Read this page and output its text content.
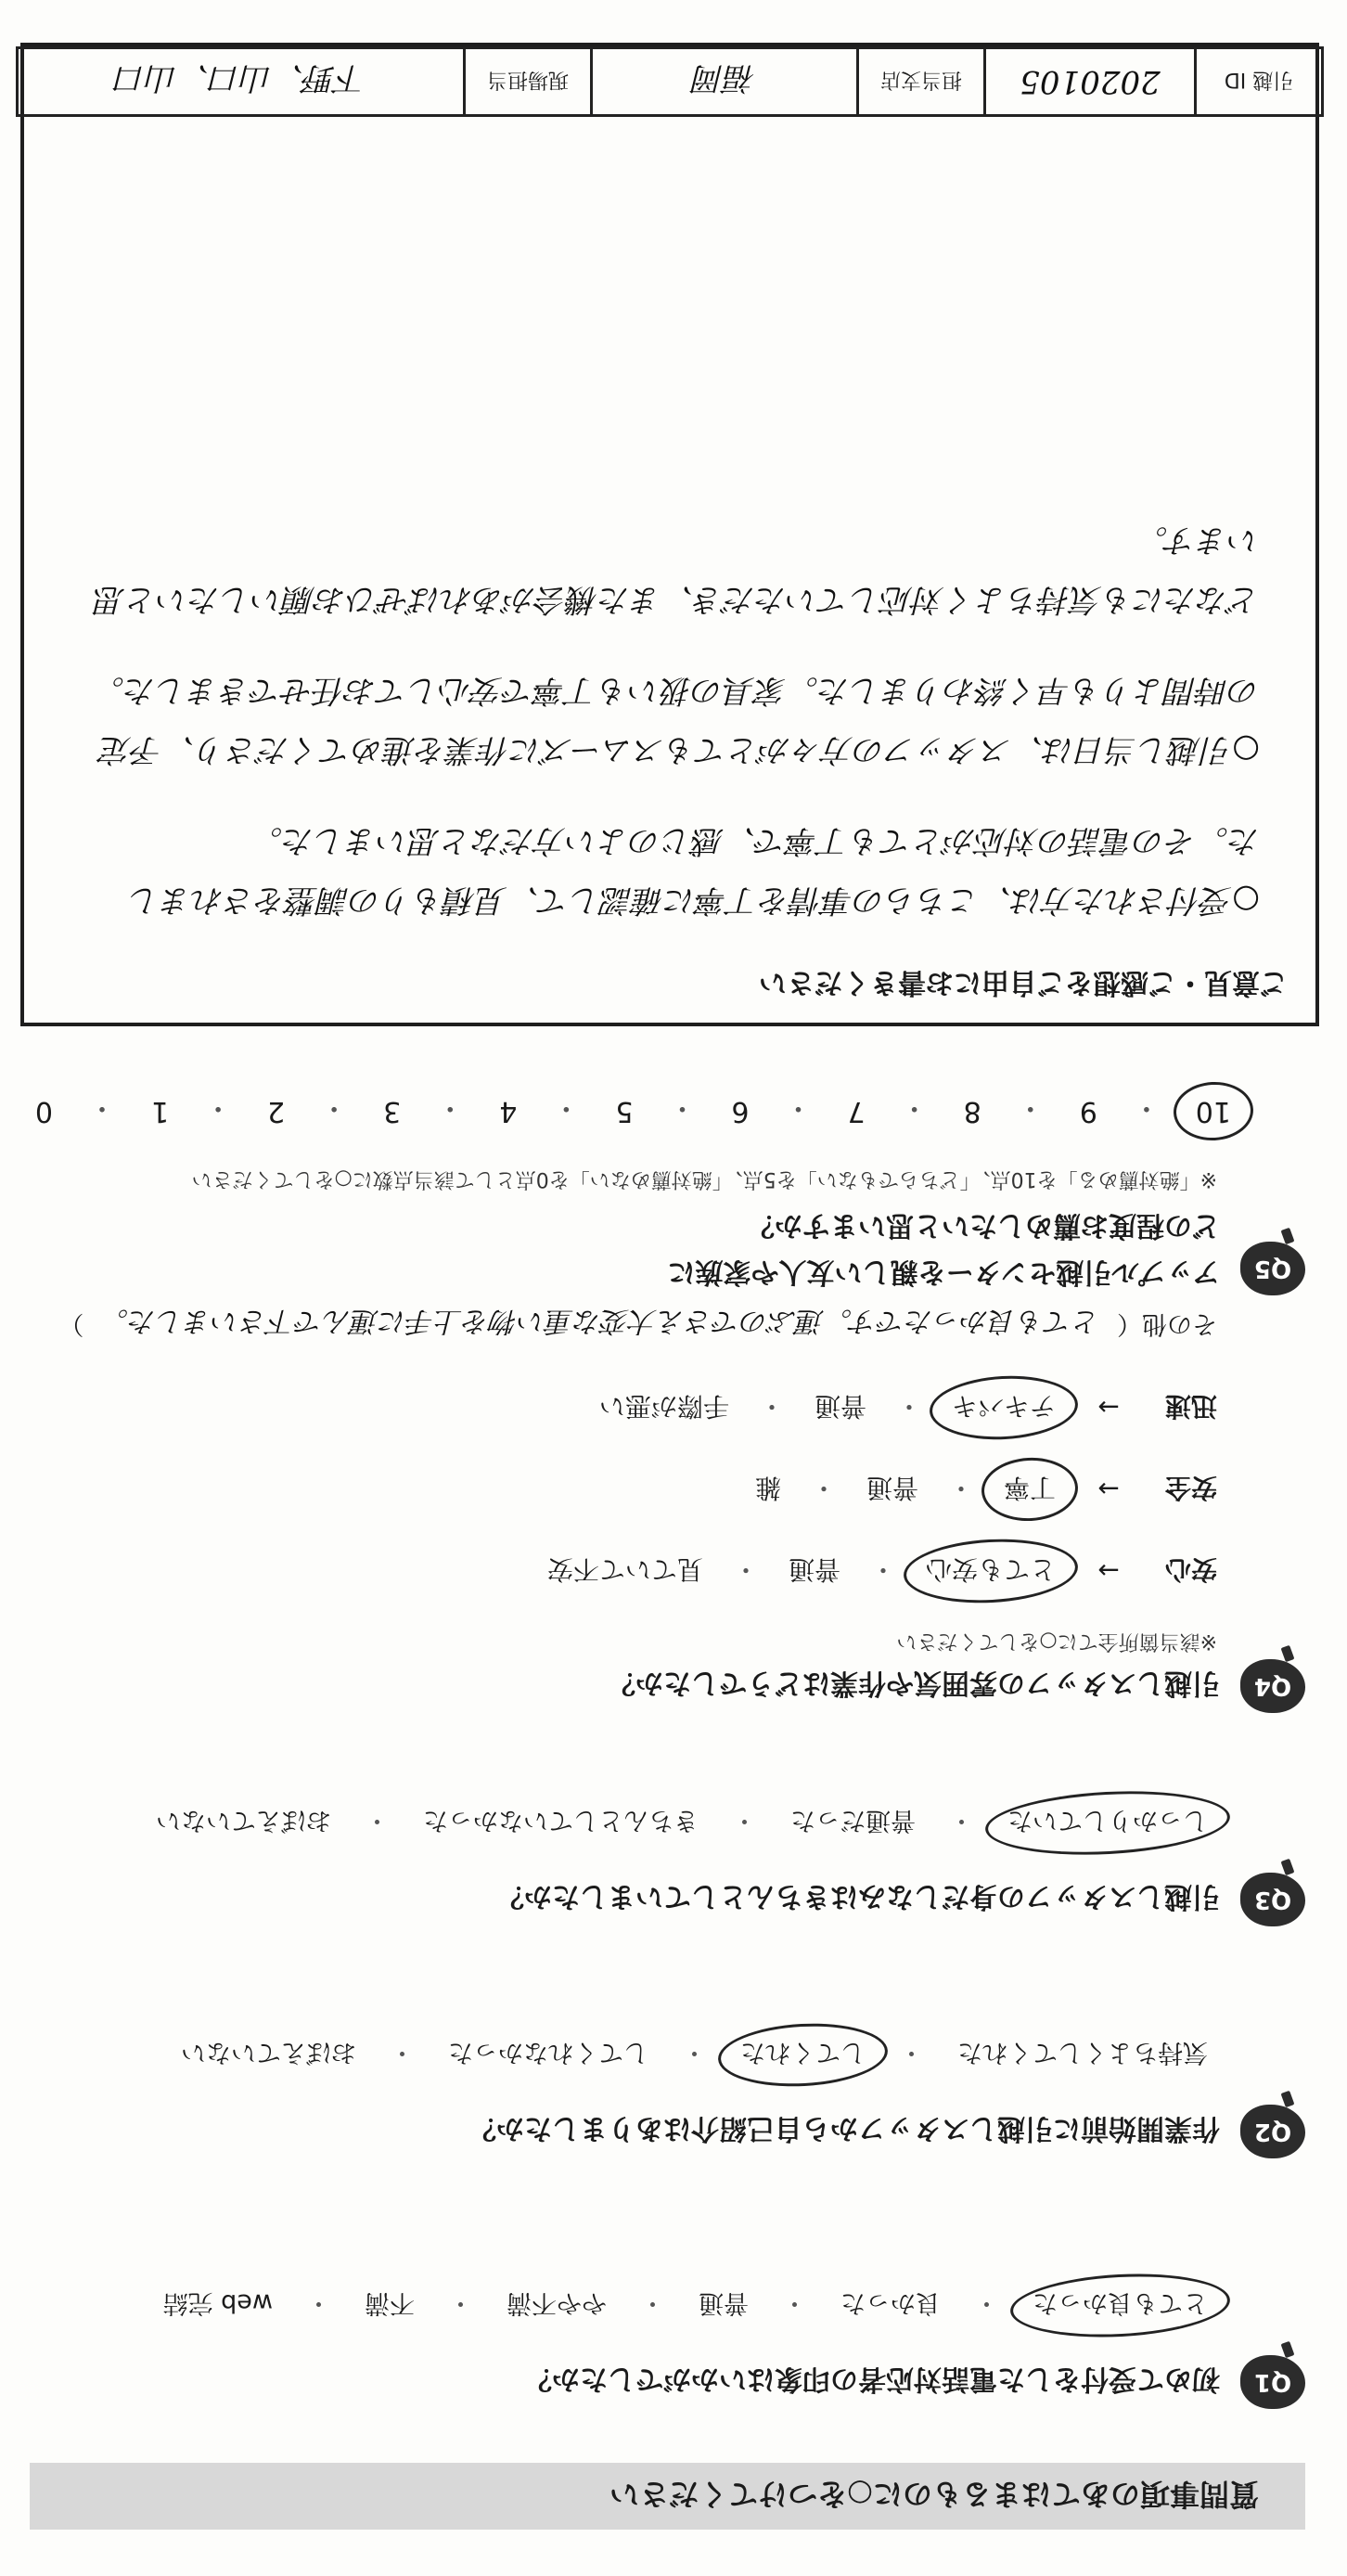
質問事項のあてはまるものに○をつけてください
Q1
初めて受付をした電話対応者の印象はいかがでしたか？
とても良かった
・
良かった
・
普通
・
やや不満
・
不満
・
web 完結
Q2
作業開始前に引越しスタッフから自己紹介はありましたか？
気持ちよくしてくれた
・
してくれた
・
してくれなかった
・
おぼえていない
Q3
引越しスタッフの身だしなみはきちんとしていましたか？
しっかりしていた
・
普通だった
・
きちんとしていなかった
・
おぼえていない
Q4
引越しスタッフの雰囲気や作業はどうでしたか？
※該当箇所全てに○をしてください
安心
→
とても安心
・
普通
・
見ていて不安
安全
→
丁寧
・
普通
・
雑
迅速
→
テキパキ
・
普通
・
手際が悪い
その他（
とても良かったです。運ぶのでさえ大変な重い物を上手に運んで下さいました。
）
Q5
アップル引越センターを親しい友人や家族に
どの程度お薦めしたいと思いますか？
※「絶対薦める」を10点、「どちらでもない」を5点、「絶対薦めない」を0点として該当点数に○をしてください
10
・
9
・
8
・
7
・
6
・
5
・
4
・
3
・
2
・
1
・
0
ご意見・ご感想をご自由にお書きください

○受付された方は、こちらの事情を丁寧に確認して、見積もりの調整をされました。その電話の対応がとても丁寧で、感じのよい方だなと思いました。

○引越し当日は、スタッフの方々がとてもスムーズに作業を進めてくださり、予定の時間よりも早く終わりました。家具の扱いも丁寧で安心してお任せできました。

どなたにも気持ちよく対応していただき、また機会があればぜひお願いしたいと思います。

引越 ID
2020105
担当支店
福岡
現場担当
下野、山口、山口
